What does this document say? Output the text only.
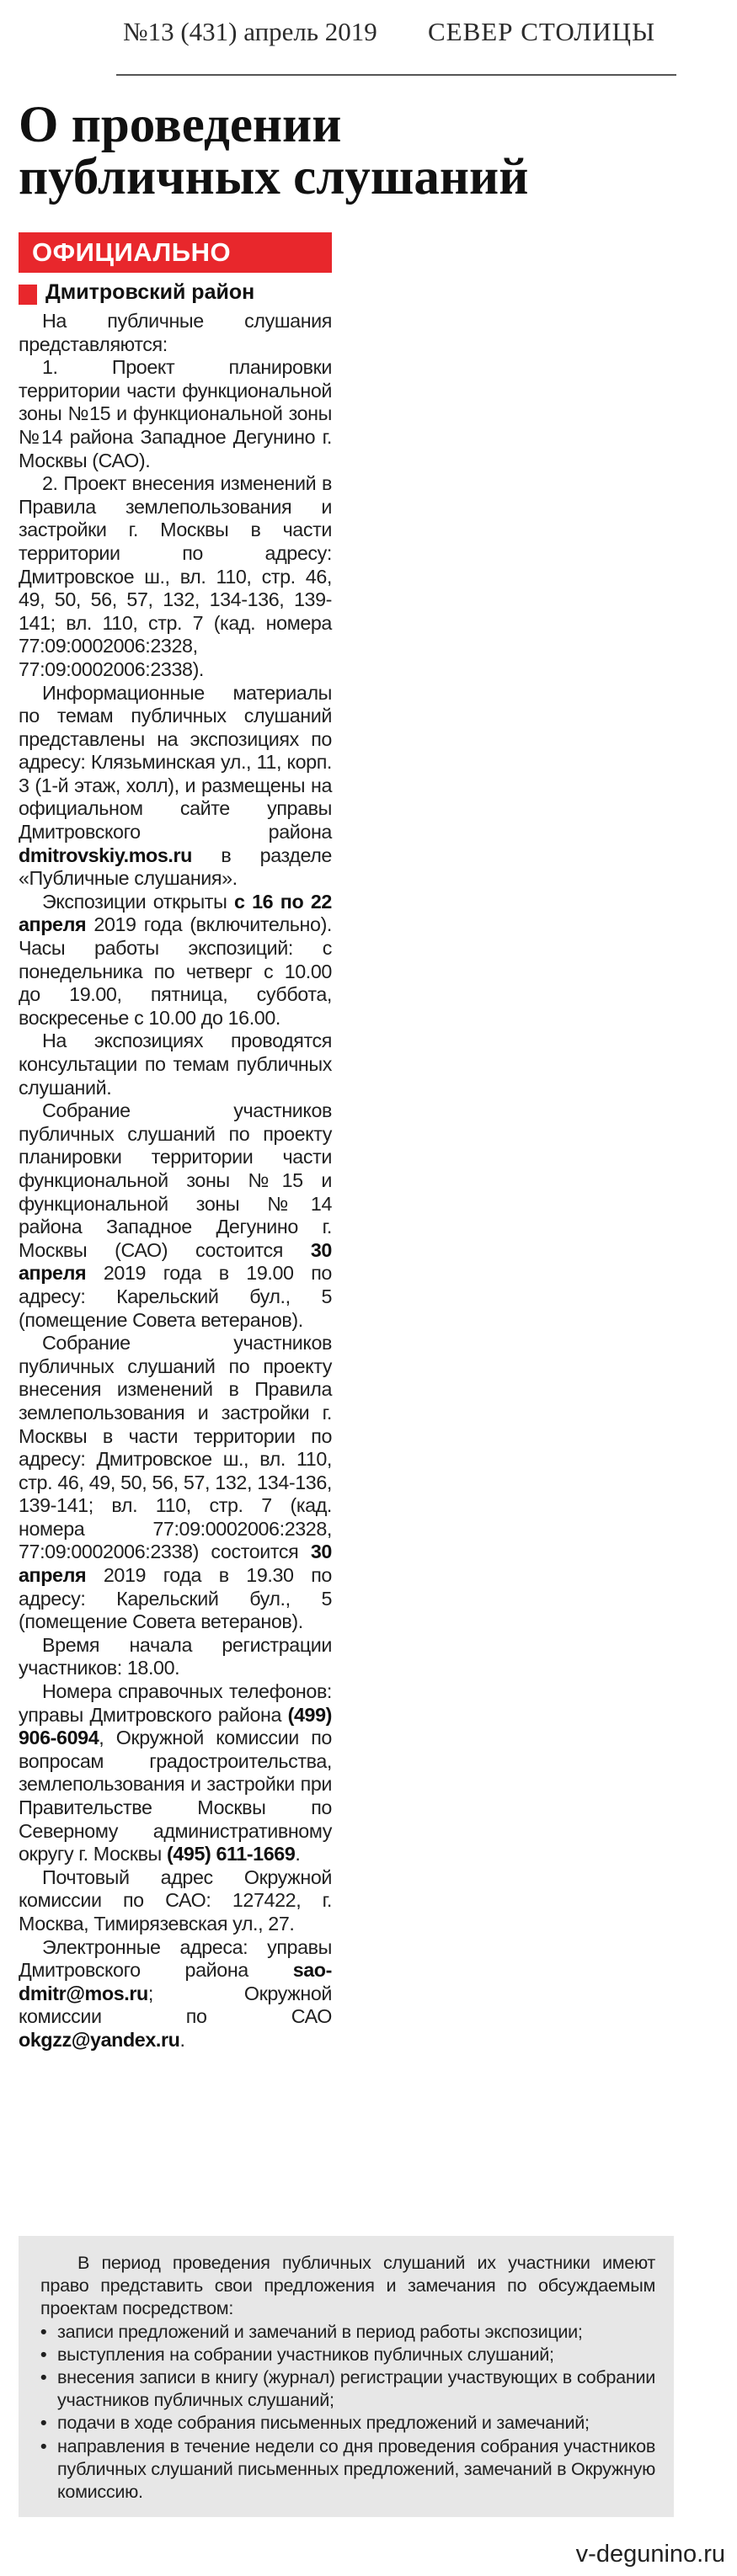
№13 (431) апрель 2019 СЕВЕР СТОЛИЦЫ
О проведении
публичных слушаний
ОФИЦИАЛЬНО
Дмитровский район

На публичные слушания представляются:

1. Проект планировки территории части функциональной зоны №15 и функциональной зоны №14 района Западное Дегунино г. Москвы (САО).

2. Проект внесения изменений в Правила землепользования и застройки г. Москвы в части территории по адресу: Дмитровское ш., вл. 110, стр. 46, 49, 50, 56, 57, 132, 134-136, 139-141; вл. 110, стр. 7 (кад. номера 77:09:0002006:2328, 77:09:0002006:2338).

Информационные материалы по темам публичных слушаний представлены на экспозициях по адресу: Клязьминская ул., 11, корп. 3 (1-й этаж, холл), и размещены на официальном сайте управы Дмитровского района dmitrovskiy.mos.ru в разделе «Публичные слушания».

Экспозиции открыты с 16 по 22 апреля 2019 года (включительно). Часы работы экспозиций: с понедельника по четверг с 10.00 до 19.00, пятница, суббота, воскресенье с 10.00 до 16.00.

На экспозициях проводятся консультации по темам публичных слушаний.

Собрание участников публичных слушаний по проекту планировки территории части функциональной зоны №15 и функциональной зоны №14 района Западное Дегунино г. Москвы (САО) состоится 30 апреля 2019 года в 19.00 по адресу: Карельский бул., 5 (помещение Совета ветеранов).

Собрание участников публичных слушаний по проекту внесения изменений в Правила землепользования и застройки г. Москвы в части территории по адресу: Дмитровское ш., вл. 110, стр. 46, 49, 50, 56, 57, 132, 134-136, 139-141; вл. 110, стр. 7 (кад. номера 77:09:0002006:2328, 77:09:0002006:2338) состоится 30 апреля 2019 года в 19.30 по адресу: Карельский бул., 5 (помещение Совета ветеранов).

Время начала регистрации участников: 18.00.

Номера справочных телефонов: управы Дмитровского района (499) 906-6094, Окружной комиссии по вопросам градостроительства, землепользования и застройки при Правительстве Москвы по Северному административному округу г. Москвы (495) 611-1669.

Почтовый адрес Окружной комиссии по САО: 127422, г. Москва, Тимирязевская ул., 27.

Электронные адреса: управы Дмитровского района sao-dmitr@mos.ru; Окружной комиссии по САО okgzz@yandex.ru.

В период проведения публичных слушаний их участники имеют право представить свои предложения и замечания по обсуждаемым проектам посредством:

• записи предложений и замечаний в период работы экспозиции;
• выступления на собрании участников публичных слушаний;
• внесения записи в книгу (журнал) регистрации участвующих в собрании участников публичных слушаний;
• подачи в ходе собрания письменных предложений и замечаний;
• направления в течение недели со дня проведения собрания участников публичных слушаний письменных предложений, замечаний в Окружную комиссию.
v-degunino.ru
